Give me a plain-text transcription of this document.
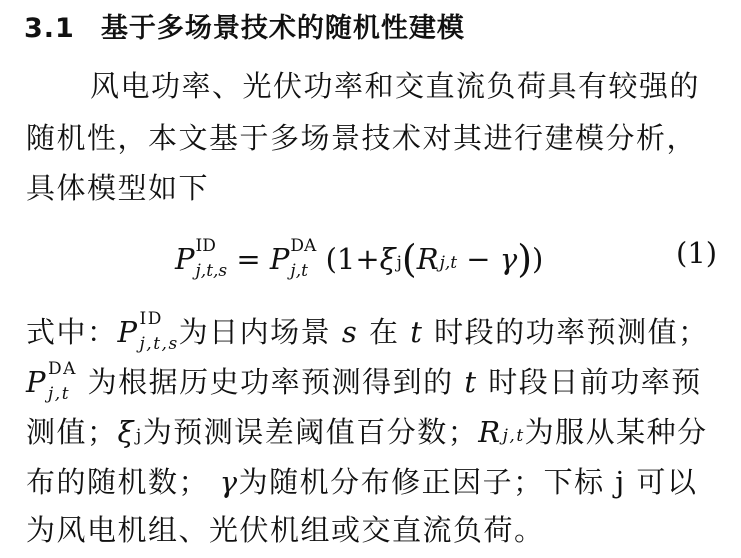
3.1 基于多场景技术的随机性建模
风电功率、光伏功率和交直流负荷具有较强的
随机性，本文基于多场景技术对其进行建模分析，
具体模型如下
P ID
j,t,s = P DA
j,t (1+ξ j (R j,t − γ))	(1)
式中：P ID
j,t,s 为日内场景 s 在 t 时段的功率预测值；
P DA
j,t 为根据历史功率预测得到的 t 时段日前功率预
测值；ξ j 为预测误差阈值百分数；R j,t 为服从某种分
布的随机数； γ为随机分布修正因子；下标 j 可以
为风电机组、光伏机组或交直流负荷。
